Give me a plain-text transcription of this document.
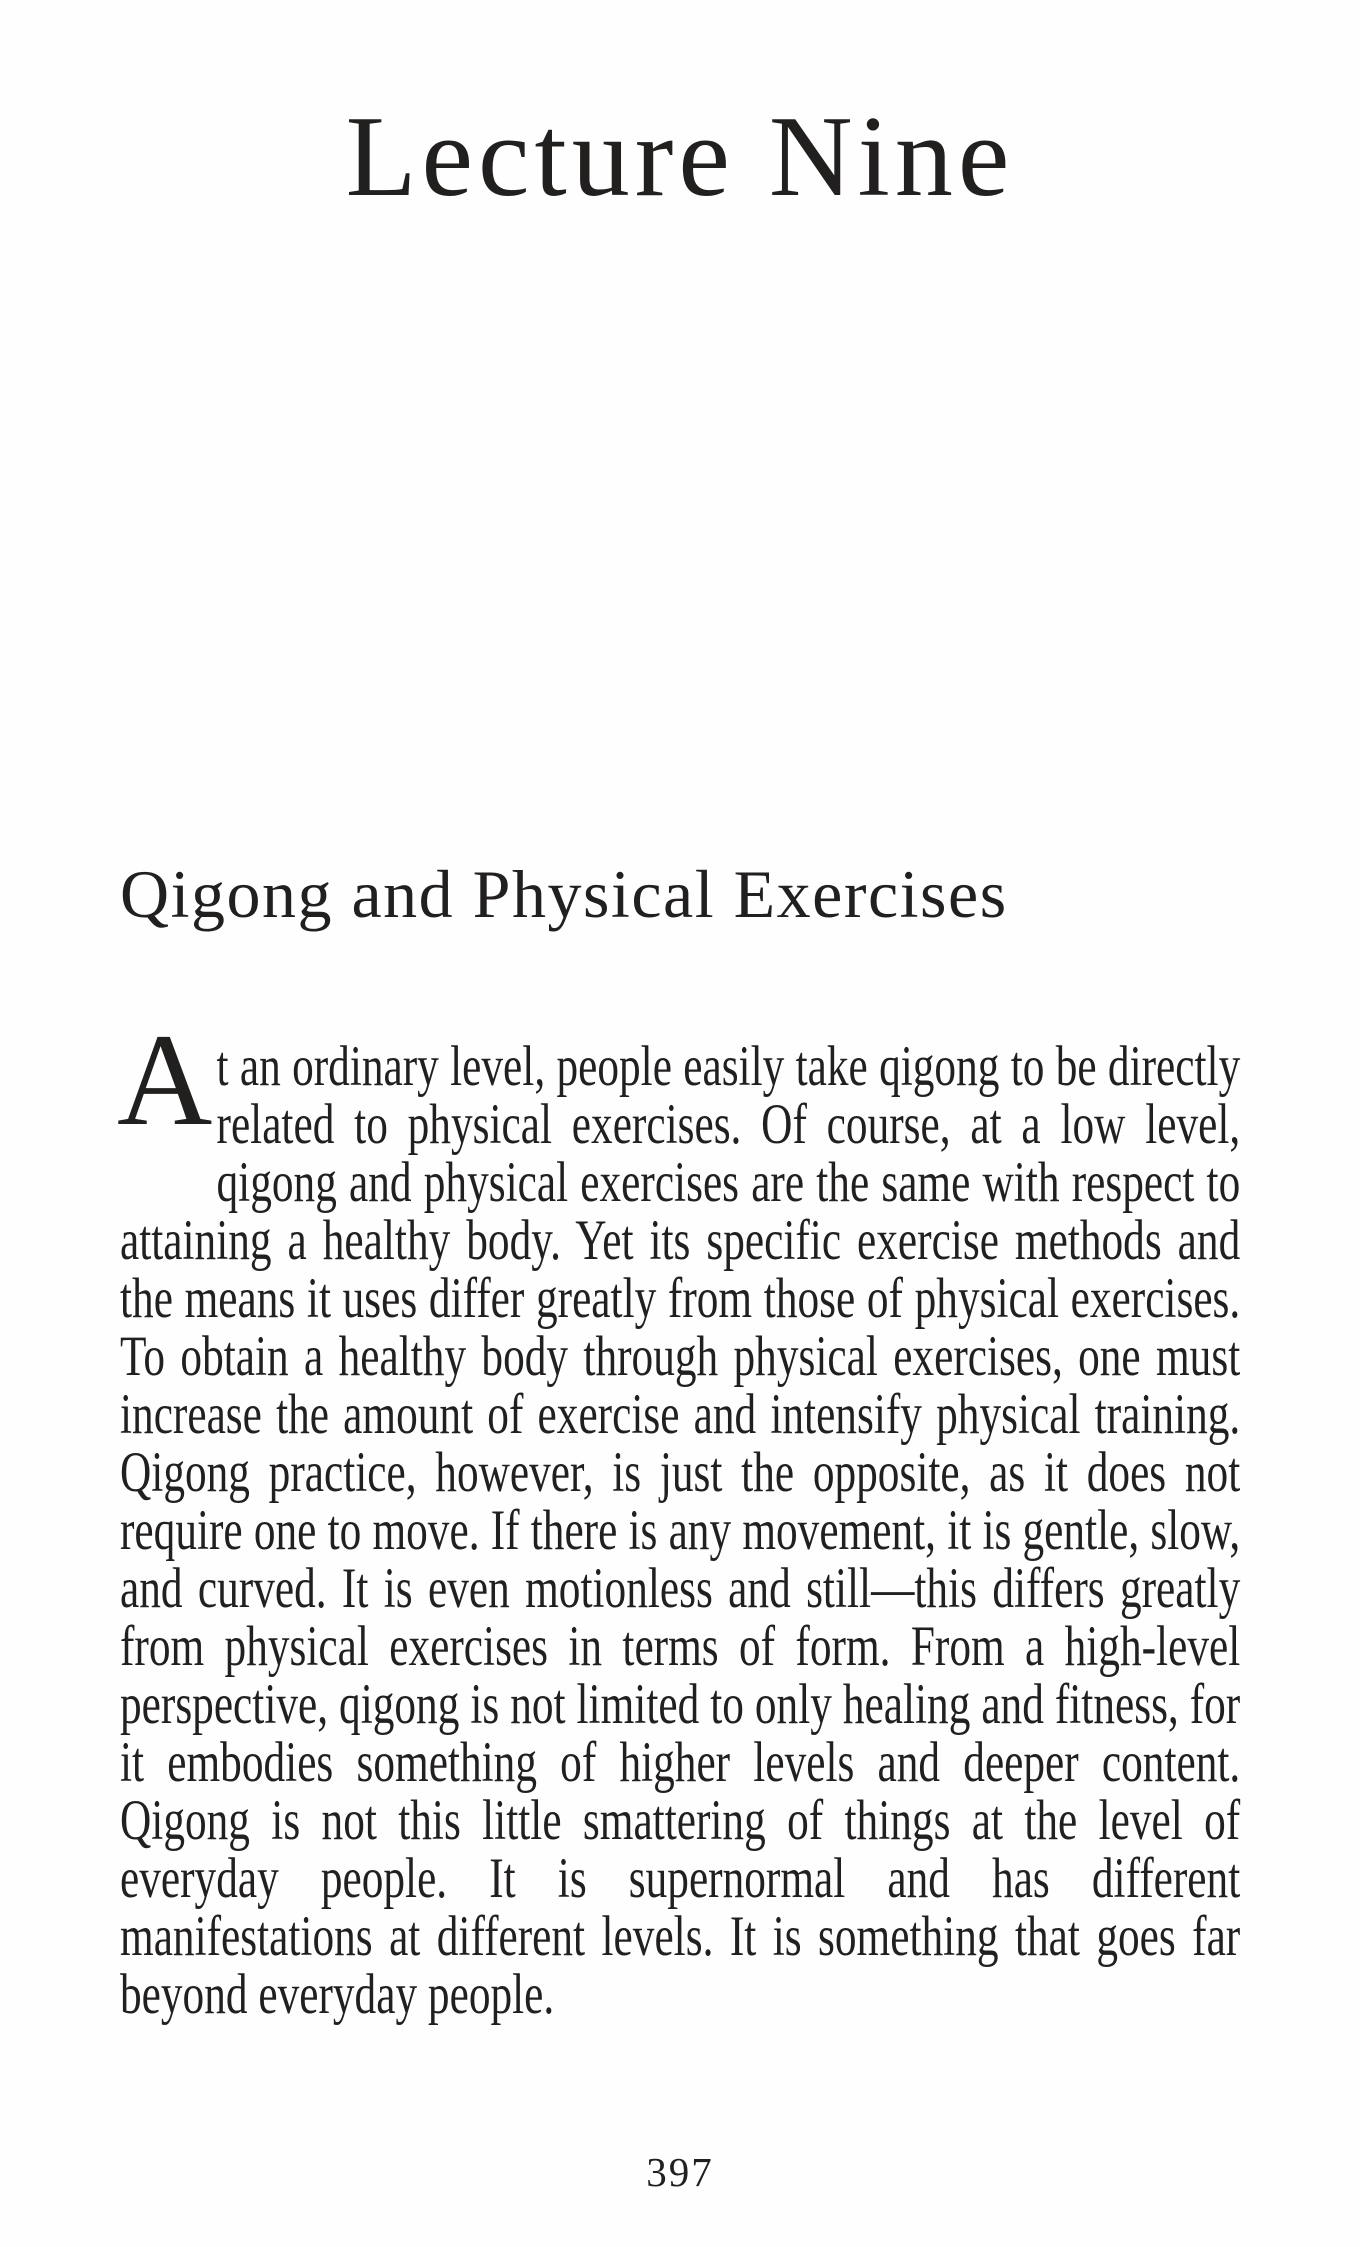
Lecture Nine
Qigong and Physical Exercises
A t an ordinary level, people easily take qigong to be directly related to physical exercises. Of course, at a low level, qigong and physical exercises are the same with respect to attaining a healthy body. Yet its specific exercise methods and the means it uses differ greatly from those of physical exercises. To obtain a healthy body through physical exercises, one must increase the amount of exercise and intensify physical training. Qigong practice, however, is just the opposite, as it does not require one to move. If there is any movement, it is gentle, slow, and curved. It is even motionless and still—this differs greatly from physical exercises in terms of form. From a high-level perspective, qigong is not limited to only healing and fitness, for it embodies something of higher levels and deeper content. Qigong is not this little smattering of things at the level of everyday people. It is supernormal and has different manifestations at different levels. It is something that goes far beyond everyday people.

397
